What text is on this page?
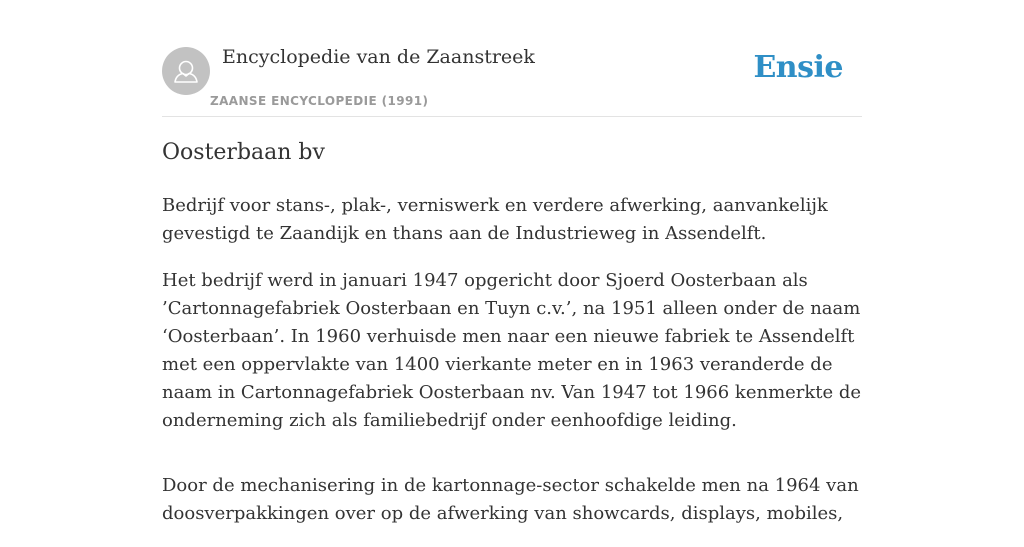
Encyclopedie van de Zaanstreek
ZAANSE ENCYCLOPEDIE (1991)
Ensie
Oosterbaan bv

Bedrijf voor stans-, plak-, verniswerk en verdere afwerking, aanvankelijk gevestigd te Zaandijk en thans aan de Industrieweg in Assendelft.

Het bedrijf werd in januari 1947 opgericht door Sjoerd Oosterbaan als ’Cartonnagefabriek Oosterbaan en Tuyn c.v.’, na 1951 alleen onder de naam ‘Oosterbaan’. In 1960 verhuisde men naar een nieuwe fabriek te Assendelft met een oppervlakte van 1400 vierkante meter en in 1963 veranderde de naam in Cartonnagefabriek Oosterbaan nv. Van 1947 tot 1966 kenmerkte de onderneming zich als familiebedrijf onder eenhoofdige leiding.

Door de mechanisering in de kartonnage-sector schakelde men na 1964 van doosverpakkingen over op de afwerking van showcards, displays, mobiles,
